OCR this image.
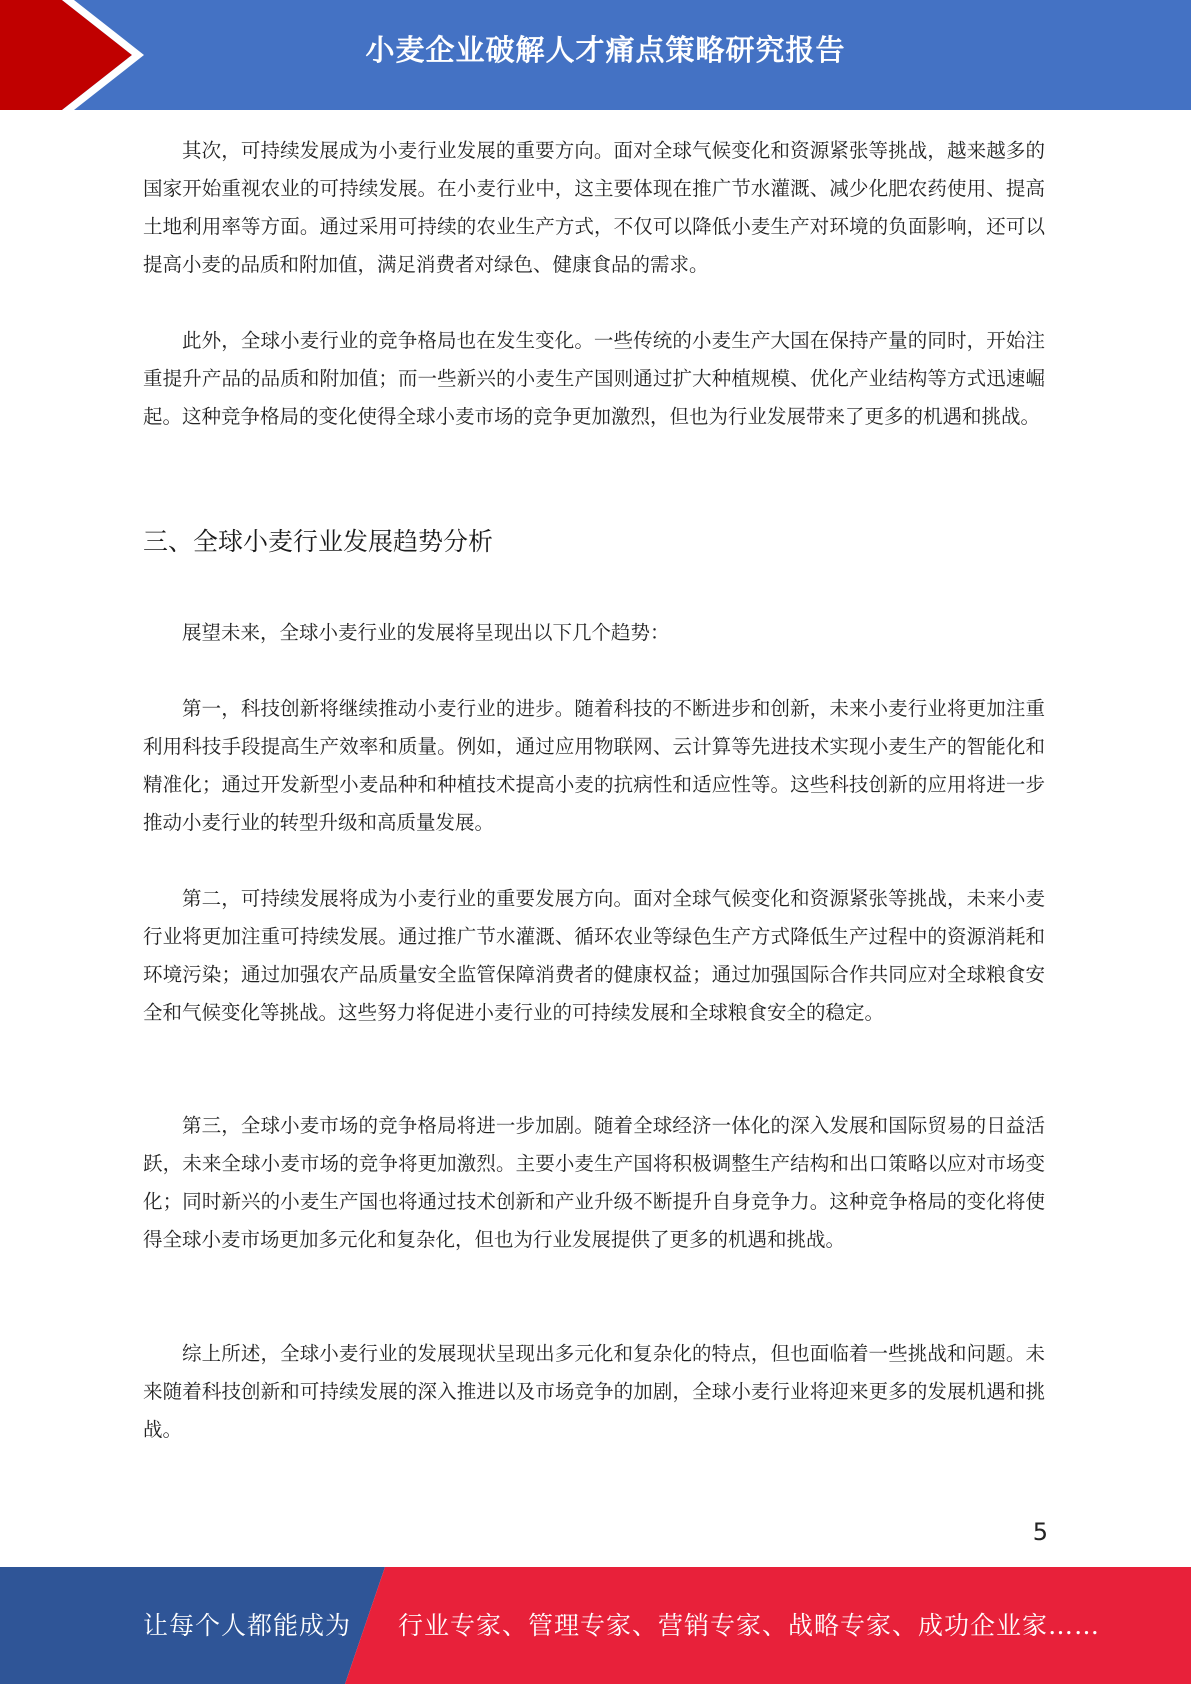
小麦企业破解人才痛点策略研究报告

其次，可持续发展成为小麦行业发展的重要方向。面对全球气候变化和资源紧张等挑战，越来越多的国家开始重视农业的可持续发展。在小麦行业中，这主要体现在推广节水灌溉、减少化肥农药使用、提高土地利用率等方面。通过采用可持续的农业生产方式，不仅可以降低小麦生产对环境的负面影响，还可以提高小麦的品质和附加值，满足消费者对绿色、健康食品的需求。

此外，全球小麦行业的竞争格局也在发生变化。一些传统的小麦生产大国在保持产量的同时，开始注重提升产品的品质和附加值；而一些新兴的小麦生产国则通过扩大种植规模、优化产业结构等方式迅速崛起。这种竞争格局的变化使得全球小麦市场的竞争更加激烈，但也为行业发展带来了更多的机遇和挑战。

三、全球小麦行业发展趋势分析

展望未来，全球小麦行业的发展将呈现出以下几个趋势：

第一，科技创新将继续推动小麦行业的进步。随着科技的不断进步和创新，未来小麦行业将更加注重利用科技手段提高生产效率和质量。例如，通过应用物联网、云计算等先进技术实现小麦生产的智能化和精准化；通过开发新型小麦品种和种植技术提高小麦的抗病性和适应性等。这些科技创新的应用将进一步推动小麦行业的转型升级和高质量发展。

第二，可持续发展将成为小麦行业的重要发展方向。面对全球气候变化和资源紧张等挑战，未来小麦行业将更加注重可持续发展。通过推广节水灌溉、循环农业等绿色生产方式降低生产过程中的资源消耗和环境污染；通过加强农产品质量安全监管保障消费者的健康权益；通过加强国际合作共同应对全球粮食安全和气候变化等挑战。这些努力将促进小麦行业的可持续发展和全球粮食安全的稳定。

第三，全球小麦市场的竞争格局将进一步加剧。随着全球经济一体化的深入发展和国际贸易的日益活跃，未来全球小麦市场的竞争将更加激烈。主要小麦生产国将积极调整生产结构和出口策略以应对市场变化；同时新兴的小麦生产国也将通过技术创新和产业升级不断提升自身竞争力。这种竞争格局的变化将使得全球小麦市场更加多元化和复杂化，但也为行业发展提供了更多的机遇和挑战。

综上所述，全球小麦行业的发展现状呈现出多元化和复杂化的特点，但也面临着一些挑战和问题。未来随着科技创新和可持续发展的深入推进以及市场竞争的加剧，全球小麦行业将迎来更多的发展机遇和挑战。

5
让每个人都能成为 行业专家、管理专家、营销专家、战略专家、成功企业家……
